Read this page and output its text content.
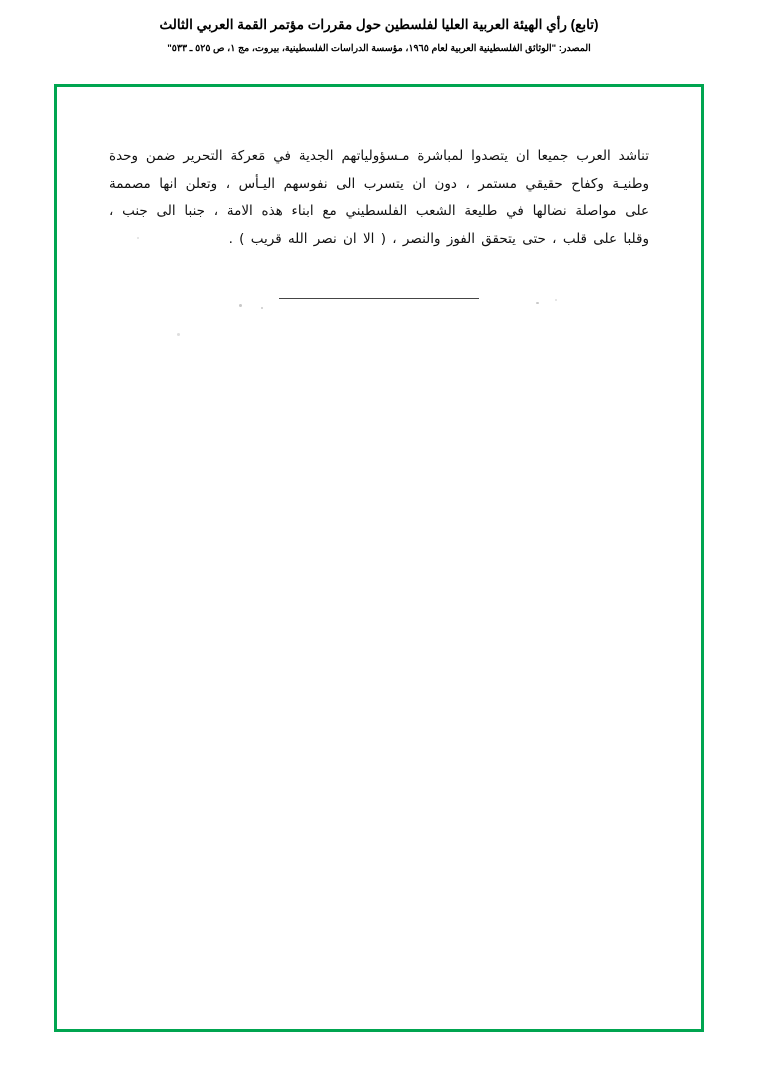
(تابع) رأي الهيئة العربية العليا لفلسطين حول مقررات مؤتمر القمة العربي الثالث
المصدر: "الوثائق الفلسطينية العربية لعام ١٩٦٥، مؤسسة الدراسات الفلسطينية، بيروت، مج ١، ص ٥٢٥ ـ ٥٣٣"
تناشد العرب جميعا ان يتصدوا لمباشرة مـسؤولياتهم الجدية في مَعركة التحرير ضمن وحدة
وطنيـة وكفاح حقيقي مستمر ، دون ان يتسرب الى نفوسهم اليـأس ، وتعلن انها مصممة
على مواصلة نضالها في طليعة الشعب الفلسطيني مع ابناء هذه الامة ، جنبا الى جنب ،
وقلبا على قلب ، حتى يتحقق الفوز والنصر ، ( الا ان نصر الله قريب ) .
